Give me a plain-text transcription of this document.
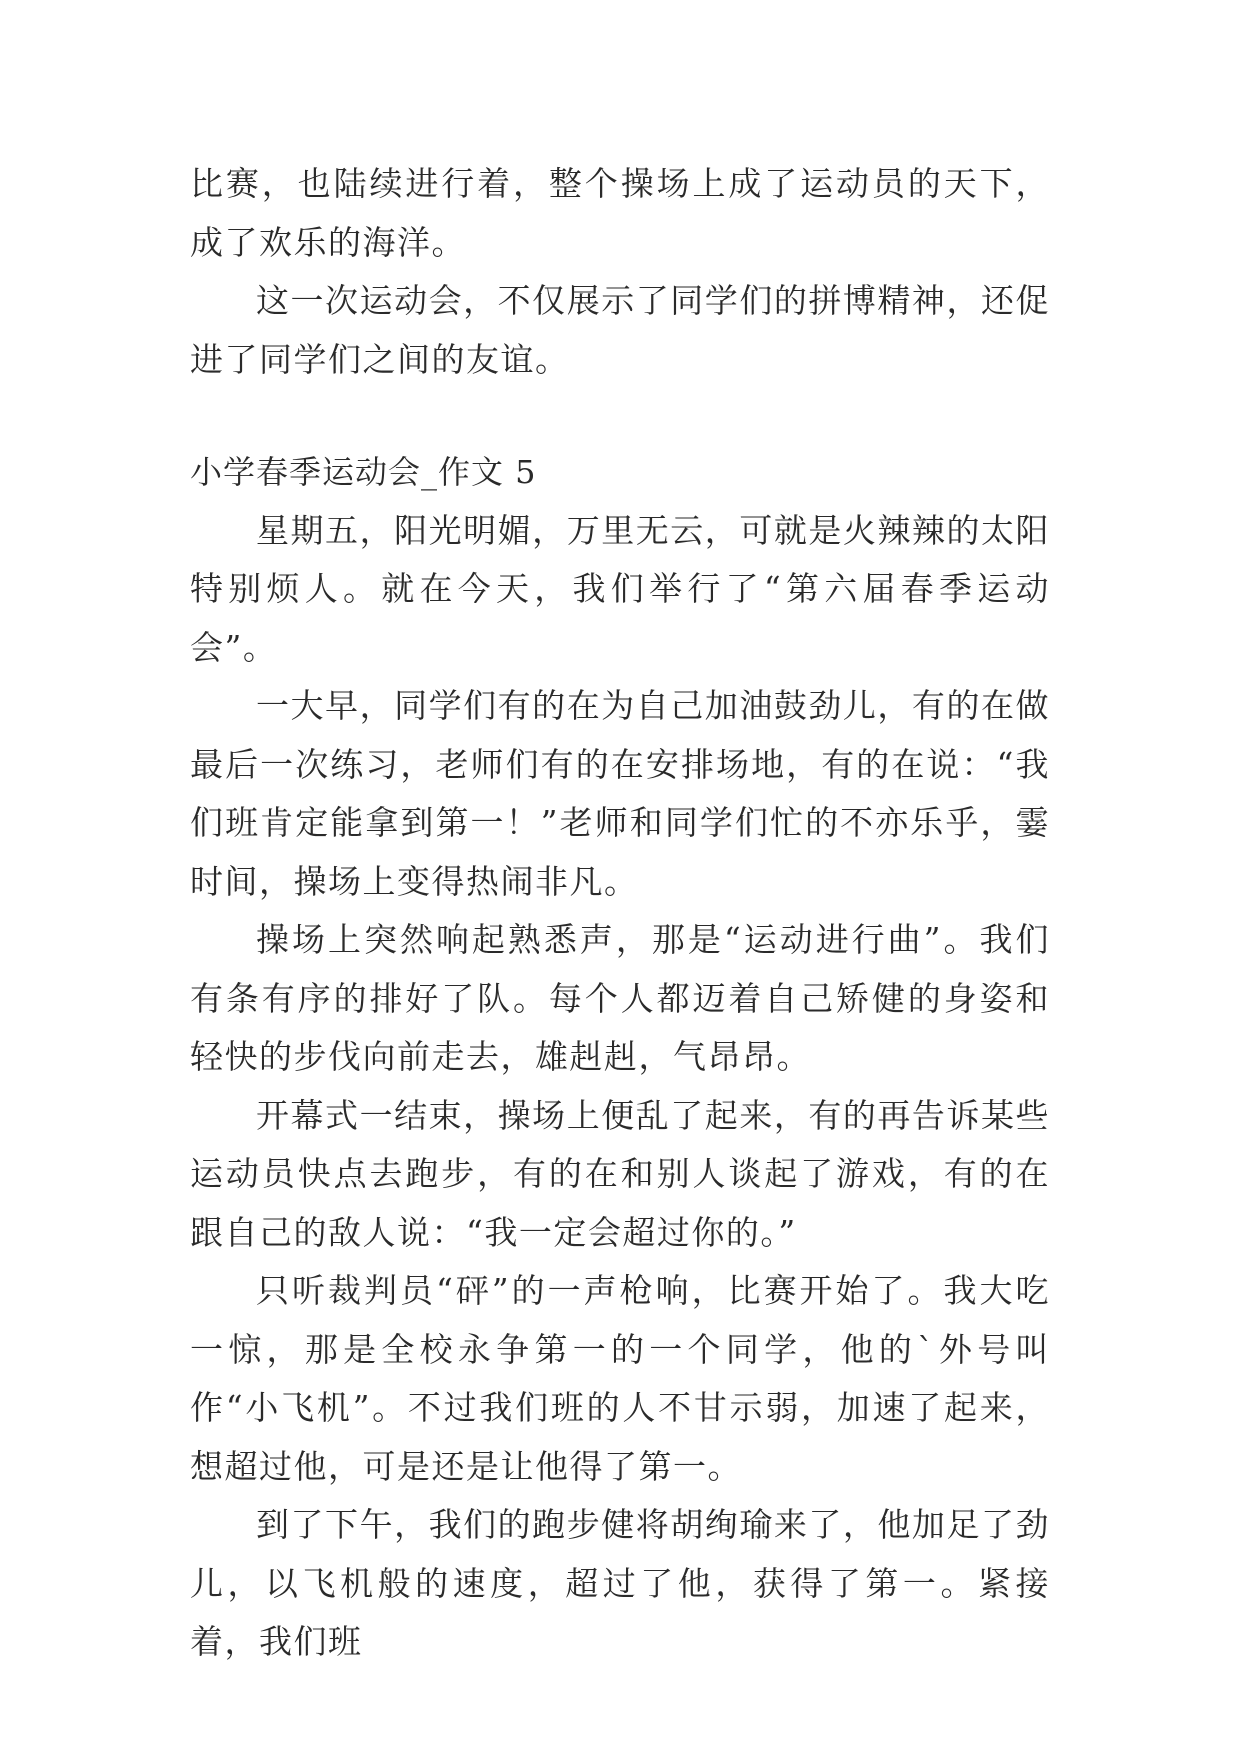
比赛，也陆续进行着，整个操场上成了运动员的天下，成了欢乐的海洋。

这一次运动会，不仅展示了同学们的拼博精神，还促进了同学们之间的友谊。

小学春季运动会_作文 5

星期五，阳光明媚，万里无云，可就是火辣辣的太阳特别烦人。就在今天，我们举行了“第六届春季运动会”。

一大早，同学们有的在为自己加油鼓劲儿，有的在做最后一次练习，老师们有的在安排场地，有的在说：“我们班肯定能拿到第一！”老师和同学们忙的不亦乐乎，霎时间，操场上变得热闹非凡。

操场上突然响起熟悉声，那是“运动进行曲”。我们有条有序的排好了队。每个人都迈着自己矫健的身姿和轻快的步伐向前走去，雄赳赳，气昂昂。

开幕式一结束，操场上便乱了起来，有的再告诉某些运动员快点去跑步，有的在和别人谈起了游戏，有的在跟自己的敌人说：“我一定会超过你的。”

只听裁判员“砰”的一声枪响，比赛开始了。我大吃一惊，那是全校永争第一的一个同学，他的`外号叫作“小飞机”。不过我们班的人不甘示弱，加速了起来，想超过他，可是还是让他得了第一。

到了下午，我们的跑步健将胡绚瑜来了，他加足了劲儿，以飞机般的速度，超过了他，获得了第一。紧接着，我们班
